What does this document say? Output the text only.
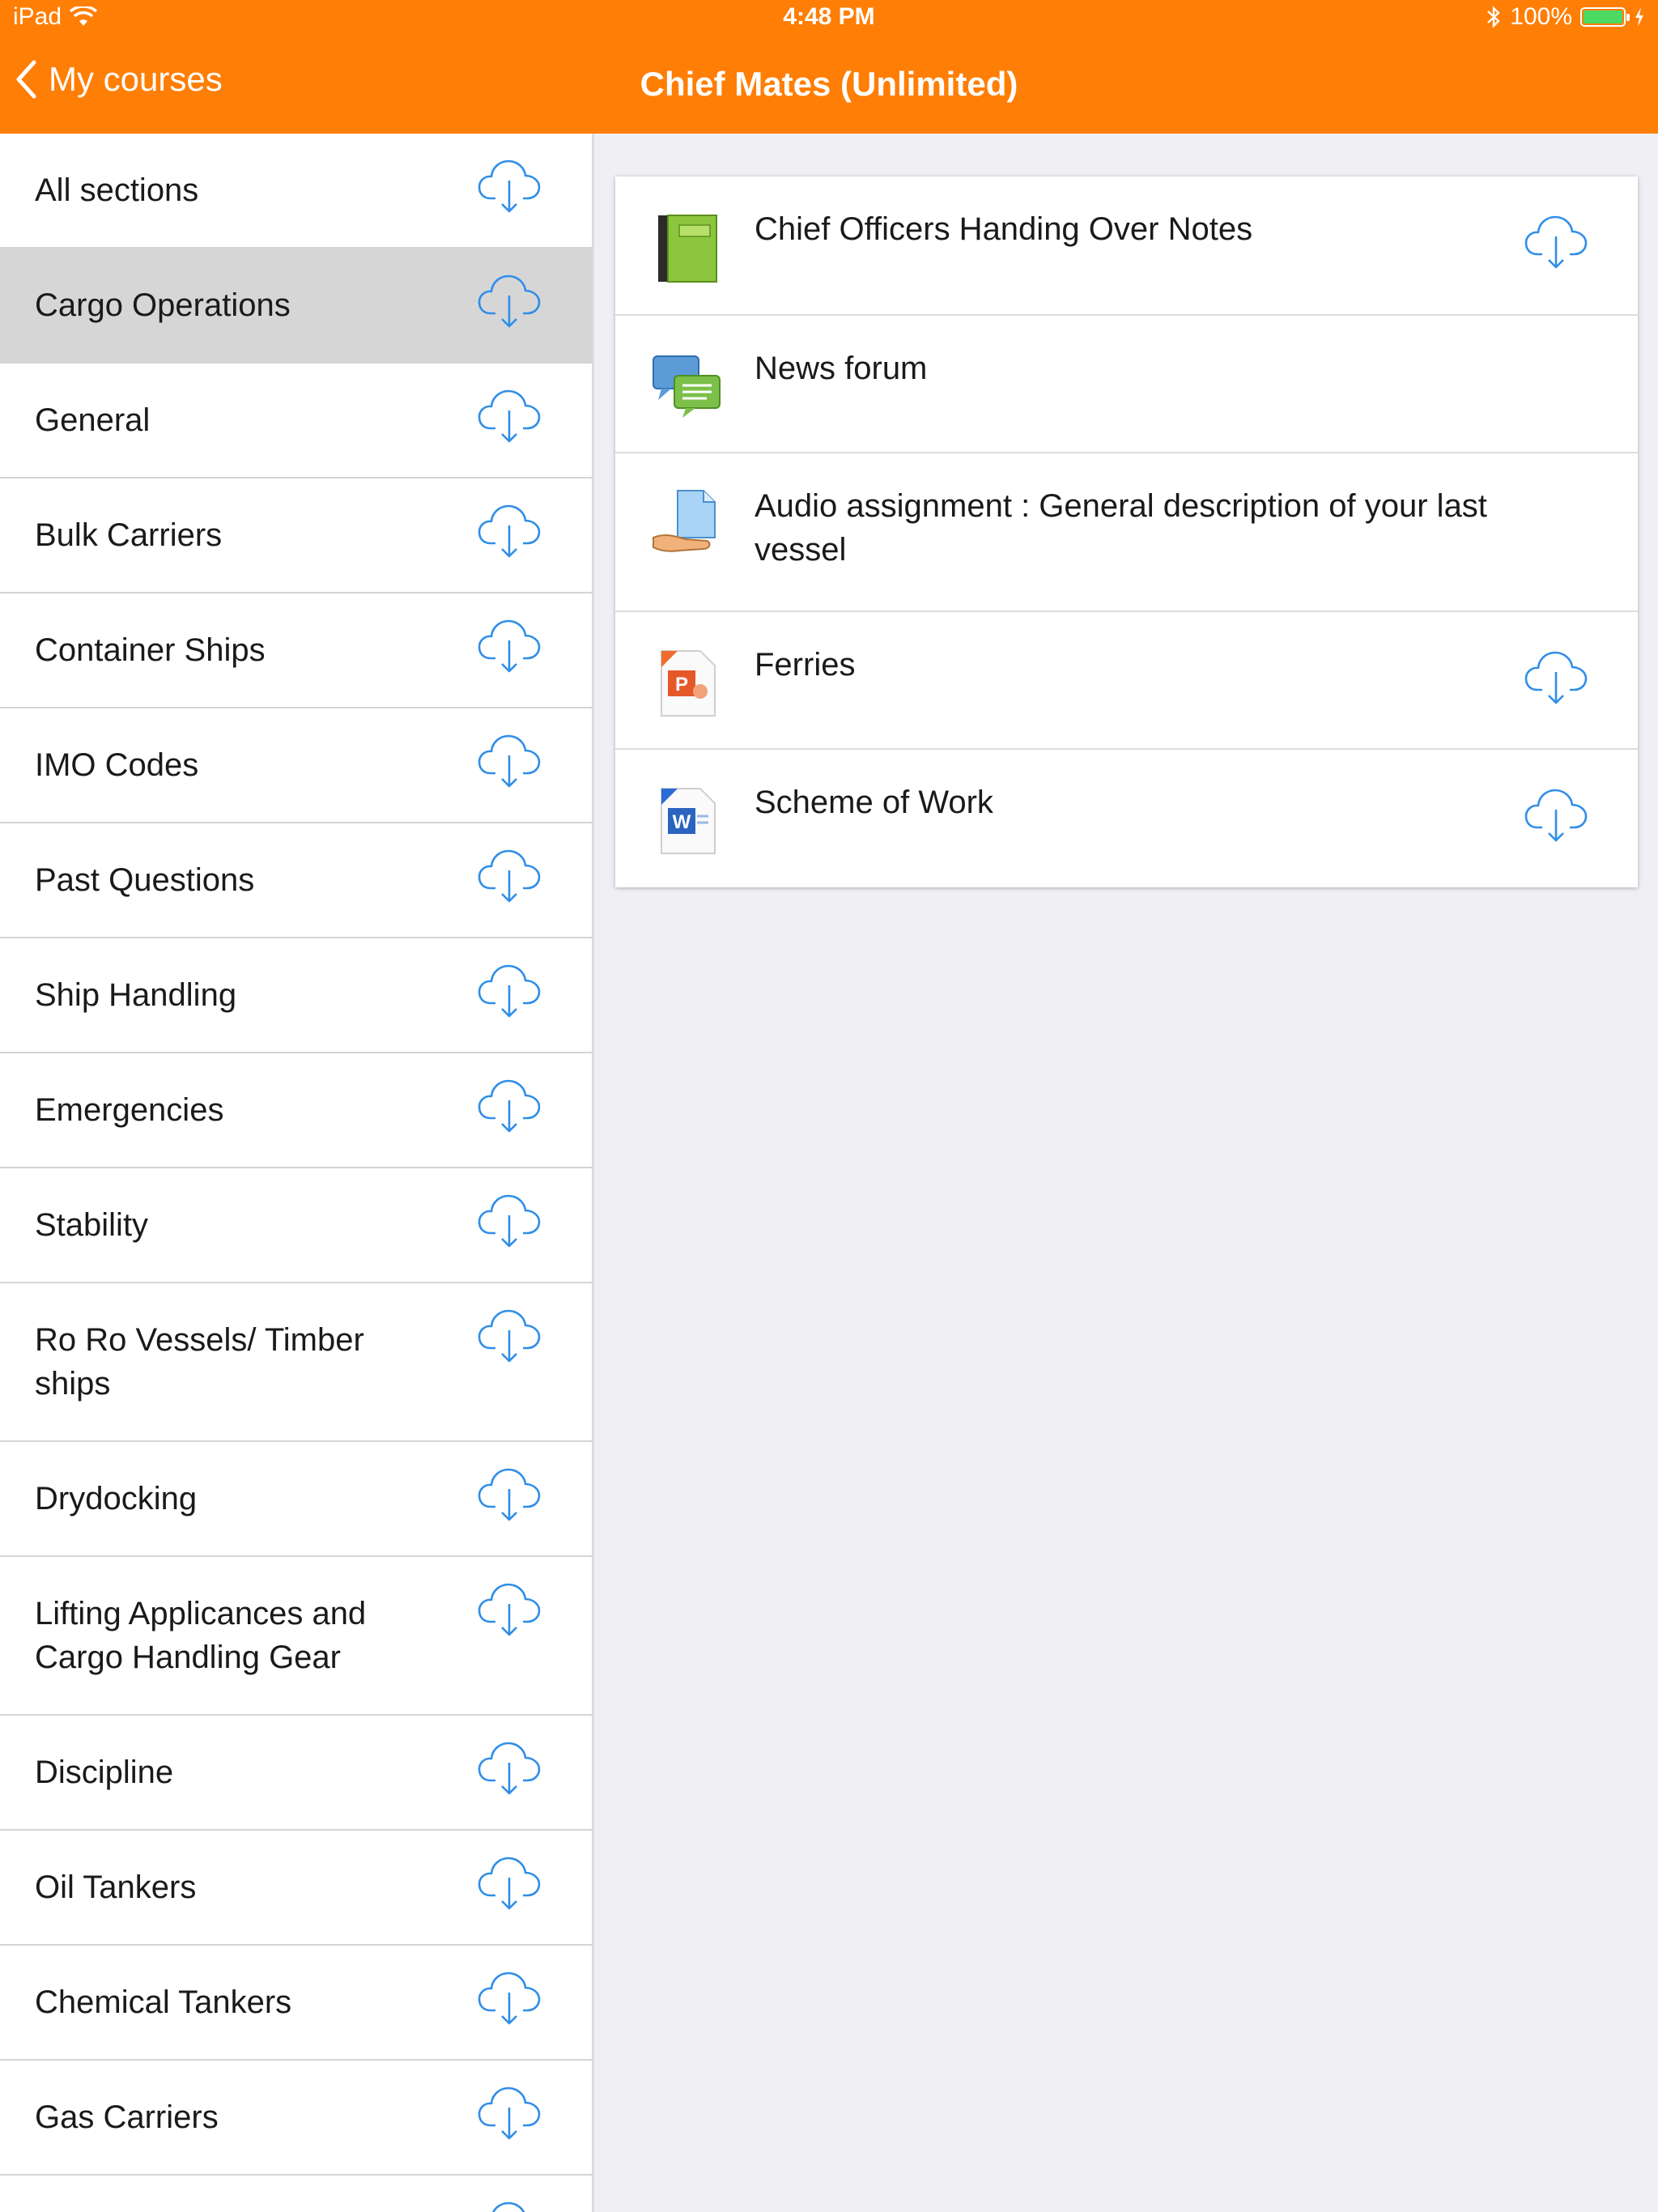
iPad	4:48 PM	100%
My courses	Chief Mates (Unlimited)
All sections
Cargo Operations
General
Bulk Carriers
Container Ships
IMO Codes
Past Questions
Ship Handling
Emergencies
Stability
Ro Ro Vessels/ Timber ships
Drydocking
Lifting Applicances and Cargo Handling Gear
Discipline
Oil Tankers
Chemical Tankers
Gas Carriers
Chief Officers Handing Over Notes
News forum
Audio assignment : General description of your last vessel
P
Ferries
W
Scheme of Work
